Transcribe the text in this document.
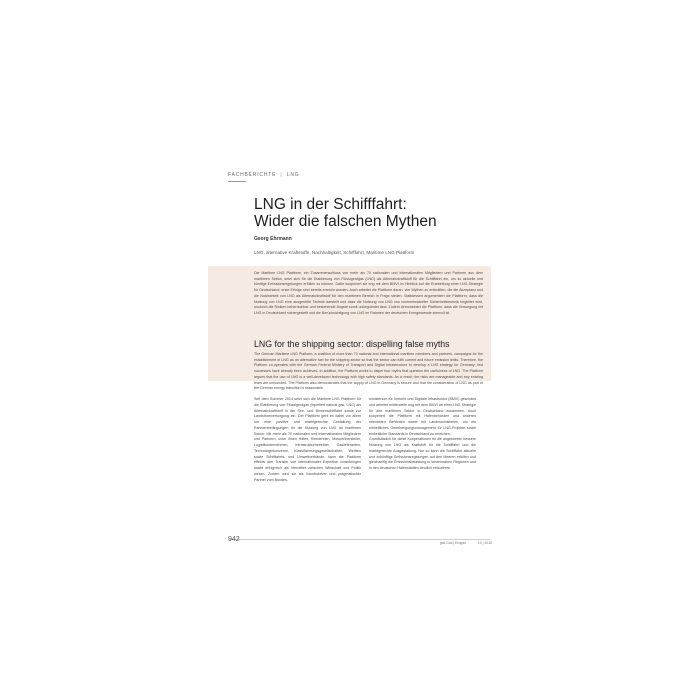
FACHBERICHTE | LNG
LNG in der Schifffahrt:
Wider die falschen Mythen
Georg Ehrmann
LNG, alternative Kraftstoffe, Nachhaltigkeit, Schifffahrt, Maritime LNG Plattform

Die Maritime LNG Plattform, ein Zusammenschluss von mehr als 70 nationalen und internationalen Mitgliedern und Partnern aus dem maritimen Sektor, setzt sich für die Etablierung von Flüssigerdgas (LNG) als Alternativkraftstoff für die Schifffahrt ein, um so aktuelle und künftige Emissionsregelungen erfüllen zu können. Dafür kooperiert sie eng mit dem BMVI im Hinblick auf die Erarbeitung einer LNG-Strategie für Deutschland; erste Erfolge sind bereits erreicht worden. Auch arbeitet die Plattform daran, vier Mythen zu entkräften, die die Akzeptanz und die Nutzbarkeit von LNG als Alternativkraftstoff für den maritimen Bereich in Frage stellen. Stattdessen argumentiert die Plattform, dass die Nutzung von LNG eine ausgereifte Technik darstellt und dass die Nutzung von LNG von hochentwickelter Sicherheitstechnik begleitet wird, wodurch die Risiken beherrschbar und bestehende Ängste somit unbegründet sind. Zudem demonstriert die Plattform, dass die Versorgung mit LNG in Deutschland sichergestellt und die Berücksichtigung von LNG im Rahmen der deutschen Energiewende sinnvoll ist.

LNG for the shipping sector: dispelling false myths

The German Maritime LNG Platform, a coalition of more than 70 national and international maritime members and partners, campaigns for the establishment of LNG as an alternative fuel for the shipping sector so that the sector can fulfil current and future emission limits. Therefore, the Platform co-operates with the German Federal Ministry of Transport and Digital Infrastructure to develop a LNG strategy for Germany; first successes have already been achieved. In addition, the Platform works to dispel four myths that question the usefulness of LNG. The Platform argues that the use of LNG is a well-developed technology with high safety standards. As a result, the risks are manageable and any existing fears are unfounded. The Platform also demonstrates that the supply of LNG in Germany is secure and that the consideration of LNG as part of the German energy transition is reasonable.

Seit dem Sommer 2014 setzt sich die Maritime LNG Plattform für die Etablierung von Flüssigerdgas (liquefied natural gas, LNG) als Alternativkraftstoff in der See- und Binnenschifffahrt sowie zur Landstromversorgung ein. Der Plattform geht es dabei vor allem um eine positive und marktgerechte Gestaltung der Rahmenbedingungen für die Nutzung von LNG im maritimen Sektor. Mit mehr als 70 nationalen und internationalen Mitgliedern und Partnern, unter ihnen Häfen, Reedereien, Motorenhersteller, Logistikunternehmen, Infrastrukturbetreiber, Gaslieferanten, Technologiekonzerne, Klassifizierungsgesellschaften, Werften sowie Schifffahrts- und Umweltverbände, kann die Plattform effektiv den Transfer von internationaler Expertise voranbringen sowie erfolgreich als Vermittler zwischen Wirtschaft und Politik wirken. Zudem wird sie als konstruktiver und pragmatischer Partner vom Bundes-

ministerium für Verkehr und Digitale Infrastruktur (BMVI) geschätzt und arbeitet mittlerweile eng mit dem BMVI an einer LNG-Strategie für den maritimen Sektor in Deutschland zusammen. Auch kooperiert die Plattform mit Hafenbehörden und anderen relevanten Behörden sowie mit Landesministerien, um ein einheitliches Genehmigungsmanagement für LNG-Projekte sowie einheitliche Standards in Deutschland zu erreichen.
Grundsätzlich für diese Kooperationen ist die angestrebte bessere Nutzung von LNG als Kraftstoff für die Schifffahrt und die marktgerechte Ausgestaltung. Nur so kann die Schifffahrt aktuelle und zukünftige Emissionsregelungen auf den Meeren erfüllen und gleichzeitig die Emissionsbelastung in küstennahen Regionen und in den deutschen Hafenstädten deutlich reduzieren.

942	gwf-Gas | Erdgas	10 | 2016
